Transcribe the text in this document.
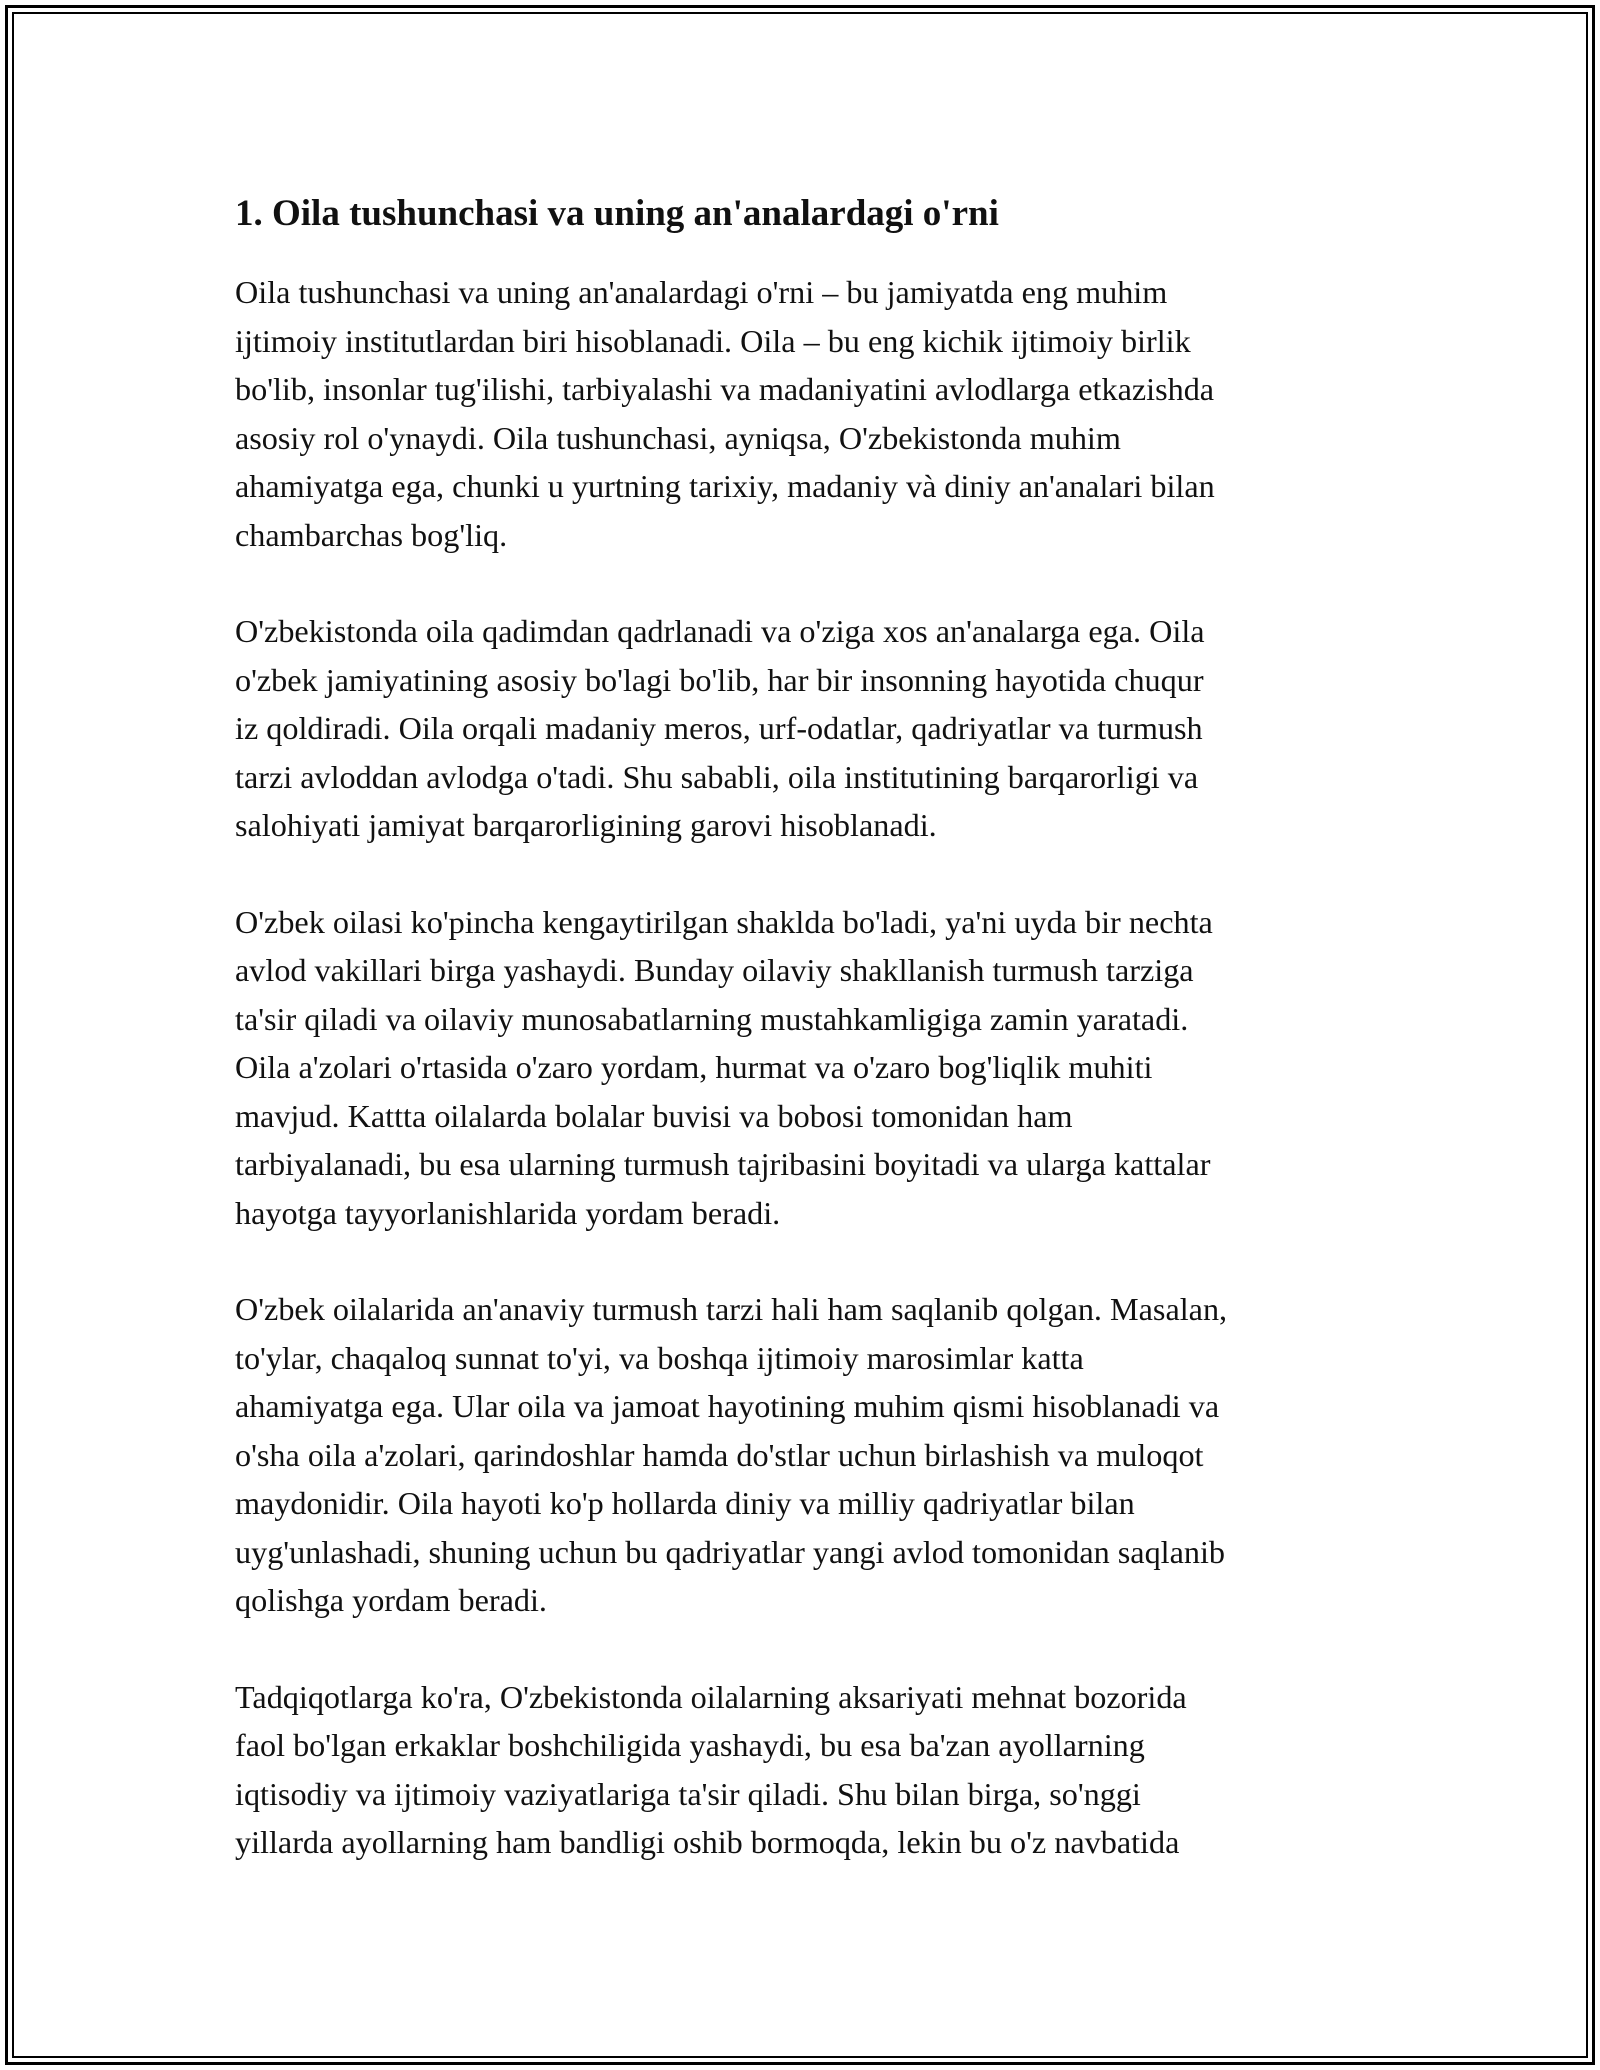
1. Oila tushunchasi va uning an'analardagi o'rni

Oila tushunchasi va uning an'analardagi o'rni – bu jamiyatda eng muhim
ijtimoiy institutlardan biri hisoblanadi. Oila – bu eng kichik ijtimoiy birlik
bo'lib, insonlar tug'ilishi, tarbiyalashi va madaniyatini avlodlarga etkazishda
asosiy rol o'ynaydi. Oila tushunchasi, ayniqsa, O'zbekistonda muhim
ahamiyatga ega, chunki u yurtning tarixiy, madaniy và diniy an'analari bilan
chambarchas bog'liq.

O'zbekistonda oila qadimdan qadrlanadi va o'ziga xos an'analarga ega. Oila
o'zbek jamiyatining asosiy bo'lagi bo'lib, har bir insonning hayotida chuqur
iz qoldiradi. Oila orqali madaniy meros, urf-odatlar, qadriyatlar va turmush
tarzi avloddan avlodga o'tadi. Shu sababli, oila institutining barqarorligi va
salohiyati jamiyat barqarorligining garovi hisoblanadi.

O'zbek oilasi ko'pincha kengaytirilgan shaklda bo'ladi, ya'ni uyda bir nechta
avlod vakillari birga yashaydi. Bunday oilaviy shakllanish turmush tarziga
ta'sir qiladi va oilaviy munosabatlarning mustahkamligiga zamin yaratadi.
Oila a'zolari o'rtasida o'zaro yordam, hurmat va o'zaro bog'liqlik muhiti
mavjud. Kattta oilalarda bolalar buvisi va bobosi tomonidan ham
tarbiyalanadi, bu esa ularning turmush tajribasini boyitadi va ularga kattalar
hayotga tayyorlanishlarida yordam beradi.

O'zbek oilalarida an'anaviy turmush tarzi hali ham saqlanib qolgan. Masalan,
to'ylar, chaqaloq sunnat to'yi, va boshqa ijtimoiy marosimlar katta
ahamiyatga ega. Ular oila va jamoat hayotining muhim qismi hisoblanadi va
o'sha oila a'zolari, qarindoshlar hamda do'stlar uchun birlashish va muloqot
maydonidir. Oila hayoti ko'p hollarda diniy va milliy qadriyatlar bilan
uyg'unlashadi, shuning uchun bu qadriyatlar yangi avlod tomonidan saqlanib
qolishga yordam beradi.

Tadqiqotlarga ko'ra, O'zbekistonda oilalarning aksariyati mehnat bozorida
faol bo'lgan erkaklar boshchiligida yashaydi, bu esa ba'zan ayollarning
iqtisodiy va ijtimoiy vaziyatlariga ta'sir qiladi. Shu bilan birga, so'nggi
yillarda ayollarning ham bandligi oshib bormoqda, lekin bu o'z navbatida
